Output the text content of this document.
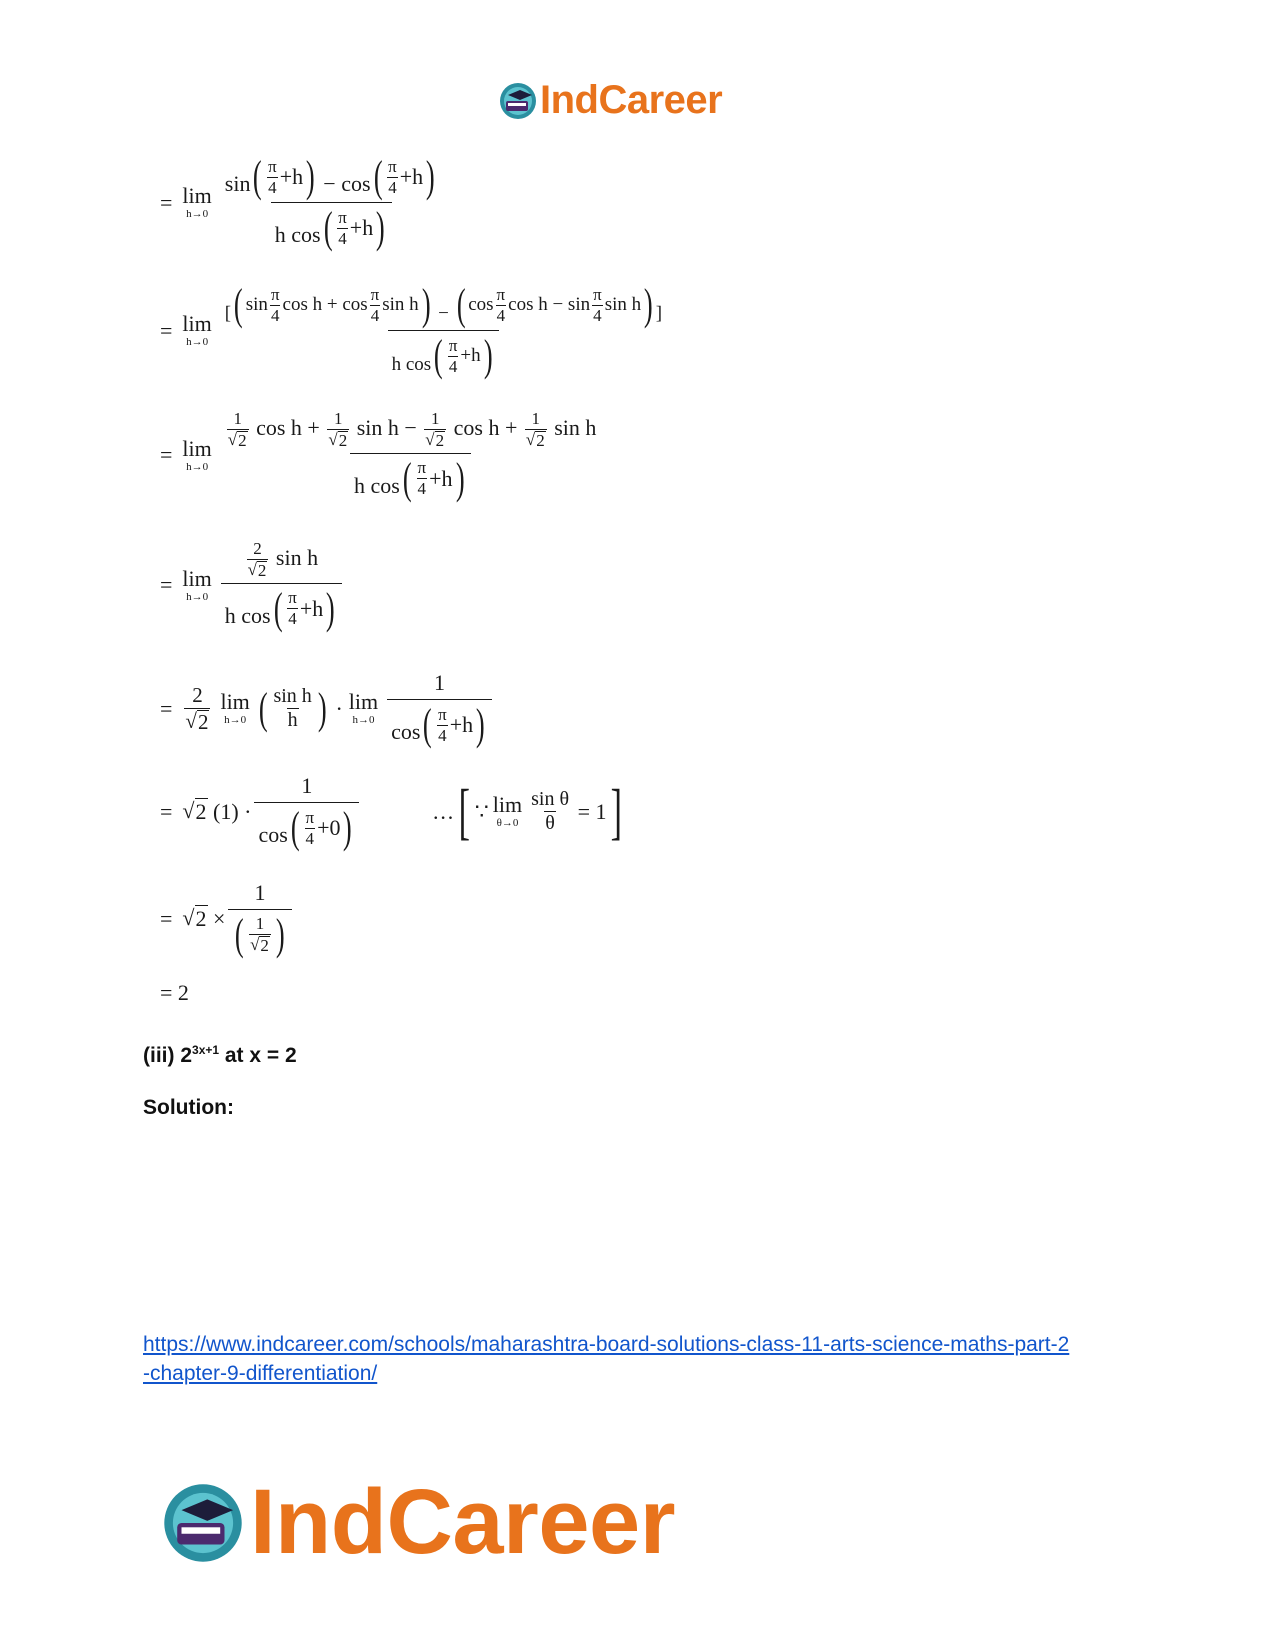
IndCareer
= lim
h→0 sin ( π
4 +h ) − cos ( π
4 +h )
h cos ( π
4 +h )
= lim
h→0
[ ( sin π
4 cos h + cos π
4 sin h ) − ( cos π
4 cos h − sin π
4 sin h ) ]
h cos ( π
4 +h )
= lim
h→0
$\frac{1}{√ 2}$ $\cos h + \frac{1}{√ 2}$ $\sin h - \frac{1}{√ 2}$ $\cos h + \frac{1}{√ 2}$ sin h
h cos ( π
4 +h )
= lim
$h\to 0 \frac{2}{√ 2}$ sin h
h cos ( π
4 +h )
= $\frac{2}{√ 2}$ lim
h→0 ( sin h
h ) · lim
h→0 1
cos ( π
4 +h )
= √ 2 (1) · 1
cos ( π
4 +0 )	… [ ∵ lim
$\theta\to 0 \frac{\text{sin θ}}{\theta} = 1$ ]
= √ 2 × 1
( 1
√ 2 )
= 2
(iii) $2^{3x+1}$ at x = 2
Solution:
https://www.indcareer.com/schools/maharashtra-board-solutions-class-11-arts-science-maths-part-2-chapter-9-differentiation/
IndCareer
